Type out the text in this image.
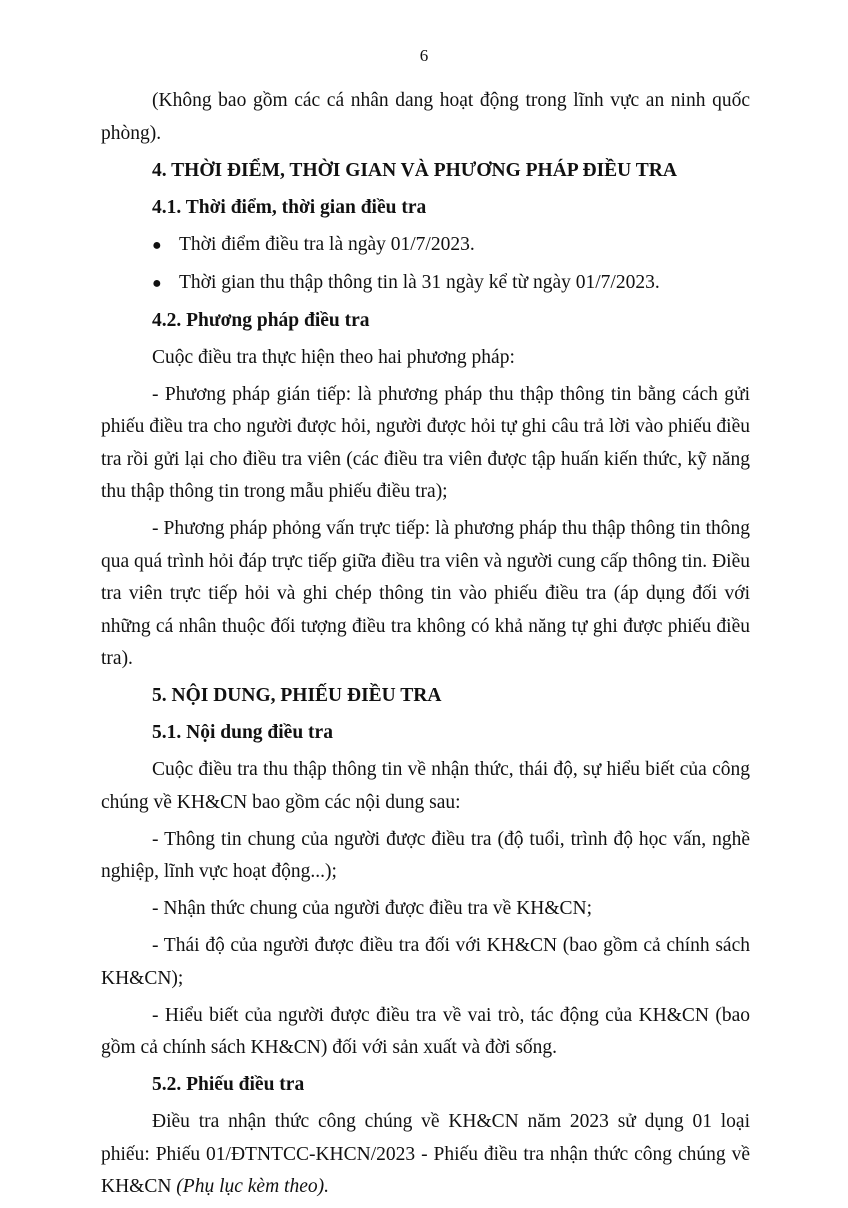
6

(Không bao gồm các cá nhân dang hoạt động trong lĩnh vực an ninh quốc phòng).

4. THỜI ĐIỂM, THỜI GIAN VÀ PHƯƠNG PHÁP ĐIỀU TRA
4.1. Thời điểm, thời gian điều tra
● Thời điểm điều tra là ngày 01/7/2023.
● Thời gian thu thập thông tin là 31 ngày kể từ ngày 01/7/2023.
4.2. Phương pháp điều tra

Cuộc điều tra thực hiện theo hai phương pháp:

- Phương pháp gián tiếp: là phương pháp thu thập thông tin bằng cách gửi phiếu điều tra cho người được hỏi, người được hỏi tự ghi câu trả lời vào phiếu điều tra rồi gửi lại cho điều tra viên (các điều tra viên được tập huấn kiến thức, kỹ năng thu thập thông tin trong mẫu phiếu điều tra);

- Phương pháp phỏng vấn trực tiếp: là phương pháp thu thập thông tin thông qua quá trình hỏi đáp trực tiếp giữa điều tra viên và người cung cấp thông tin. Điều tra viên trực tiếp hỏi và ghi chép thông tin vào phiếu điều tra (áp dụng đối với những cá nhân thuộc đối tượng điều tra không có khả năng tự ghi được phiếu điều tra).

5. NỘI DUNG, PHIẾU ĐIỀU TRA
5.1. Nội dung điều tra

Cuộc điều tra thu thập thông tin về nhận thức, thái độ, sự hiểu biết của công chúng về KH&CN bao gồm các nội dung sau:

- Thông tin chung của người được điều tra (độ tuổi, trình độ học vấn, nghề nghiệp, lĩnh vực hoạt động...);

- Nhận thức chung của người được điều tra về KH&CN;

- Thái độ của người được điều tra đối với KH&CN (bao gồm cả chính sách KH&CN);

- Hiểu biết của người được điều tra về vai trò, tác động của KH&CN (bao gồm cả chính sách KH&CN) đối với sản xuất và đời sống.

5.2. Phiếu điều tra

Điều tra nhận thức công chúng về KH&CN năm 2023 sử dụng 01 loại phiếu: Phiếu 01/ĐTNTCC-KHCN/2023 - Phiếu điều tra nhận thức công chúng về KH&CN (Phụ lục kèm theo).
